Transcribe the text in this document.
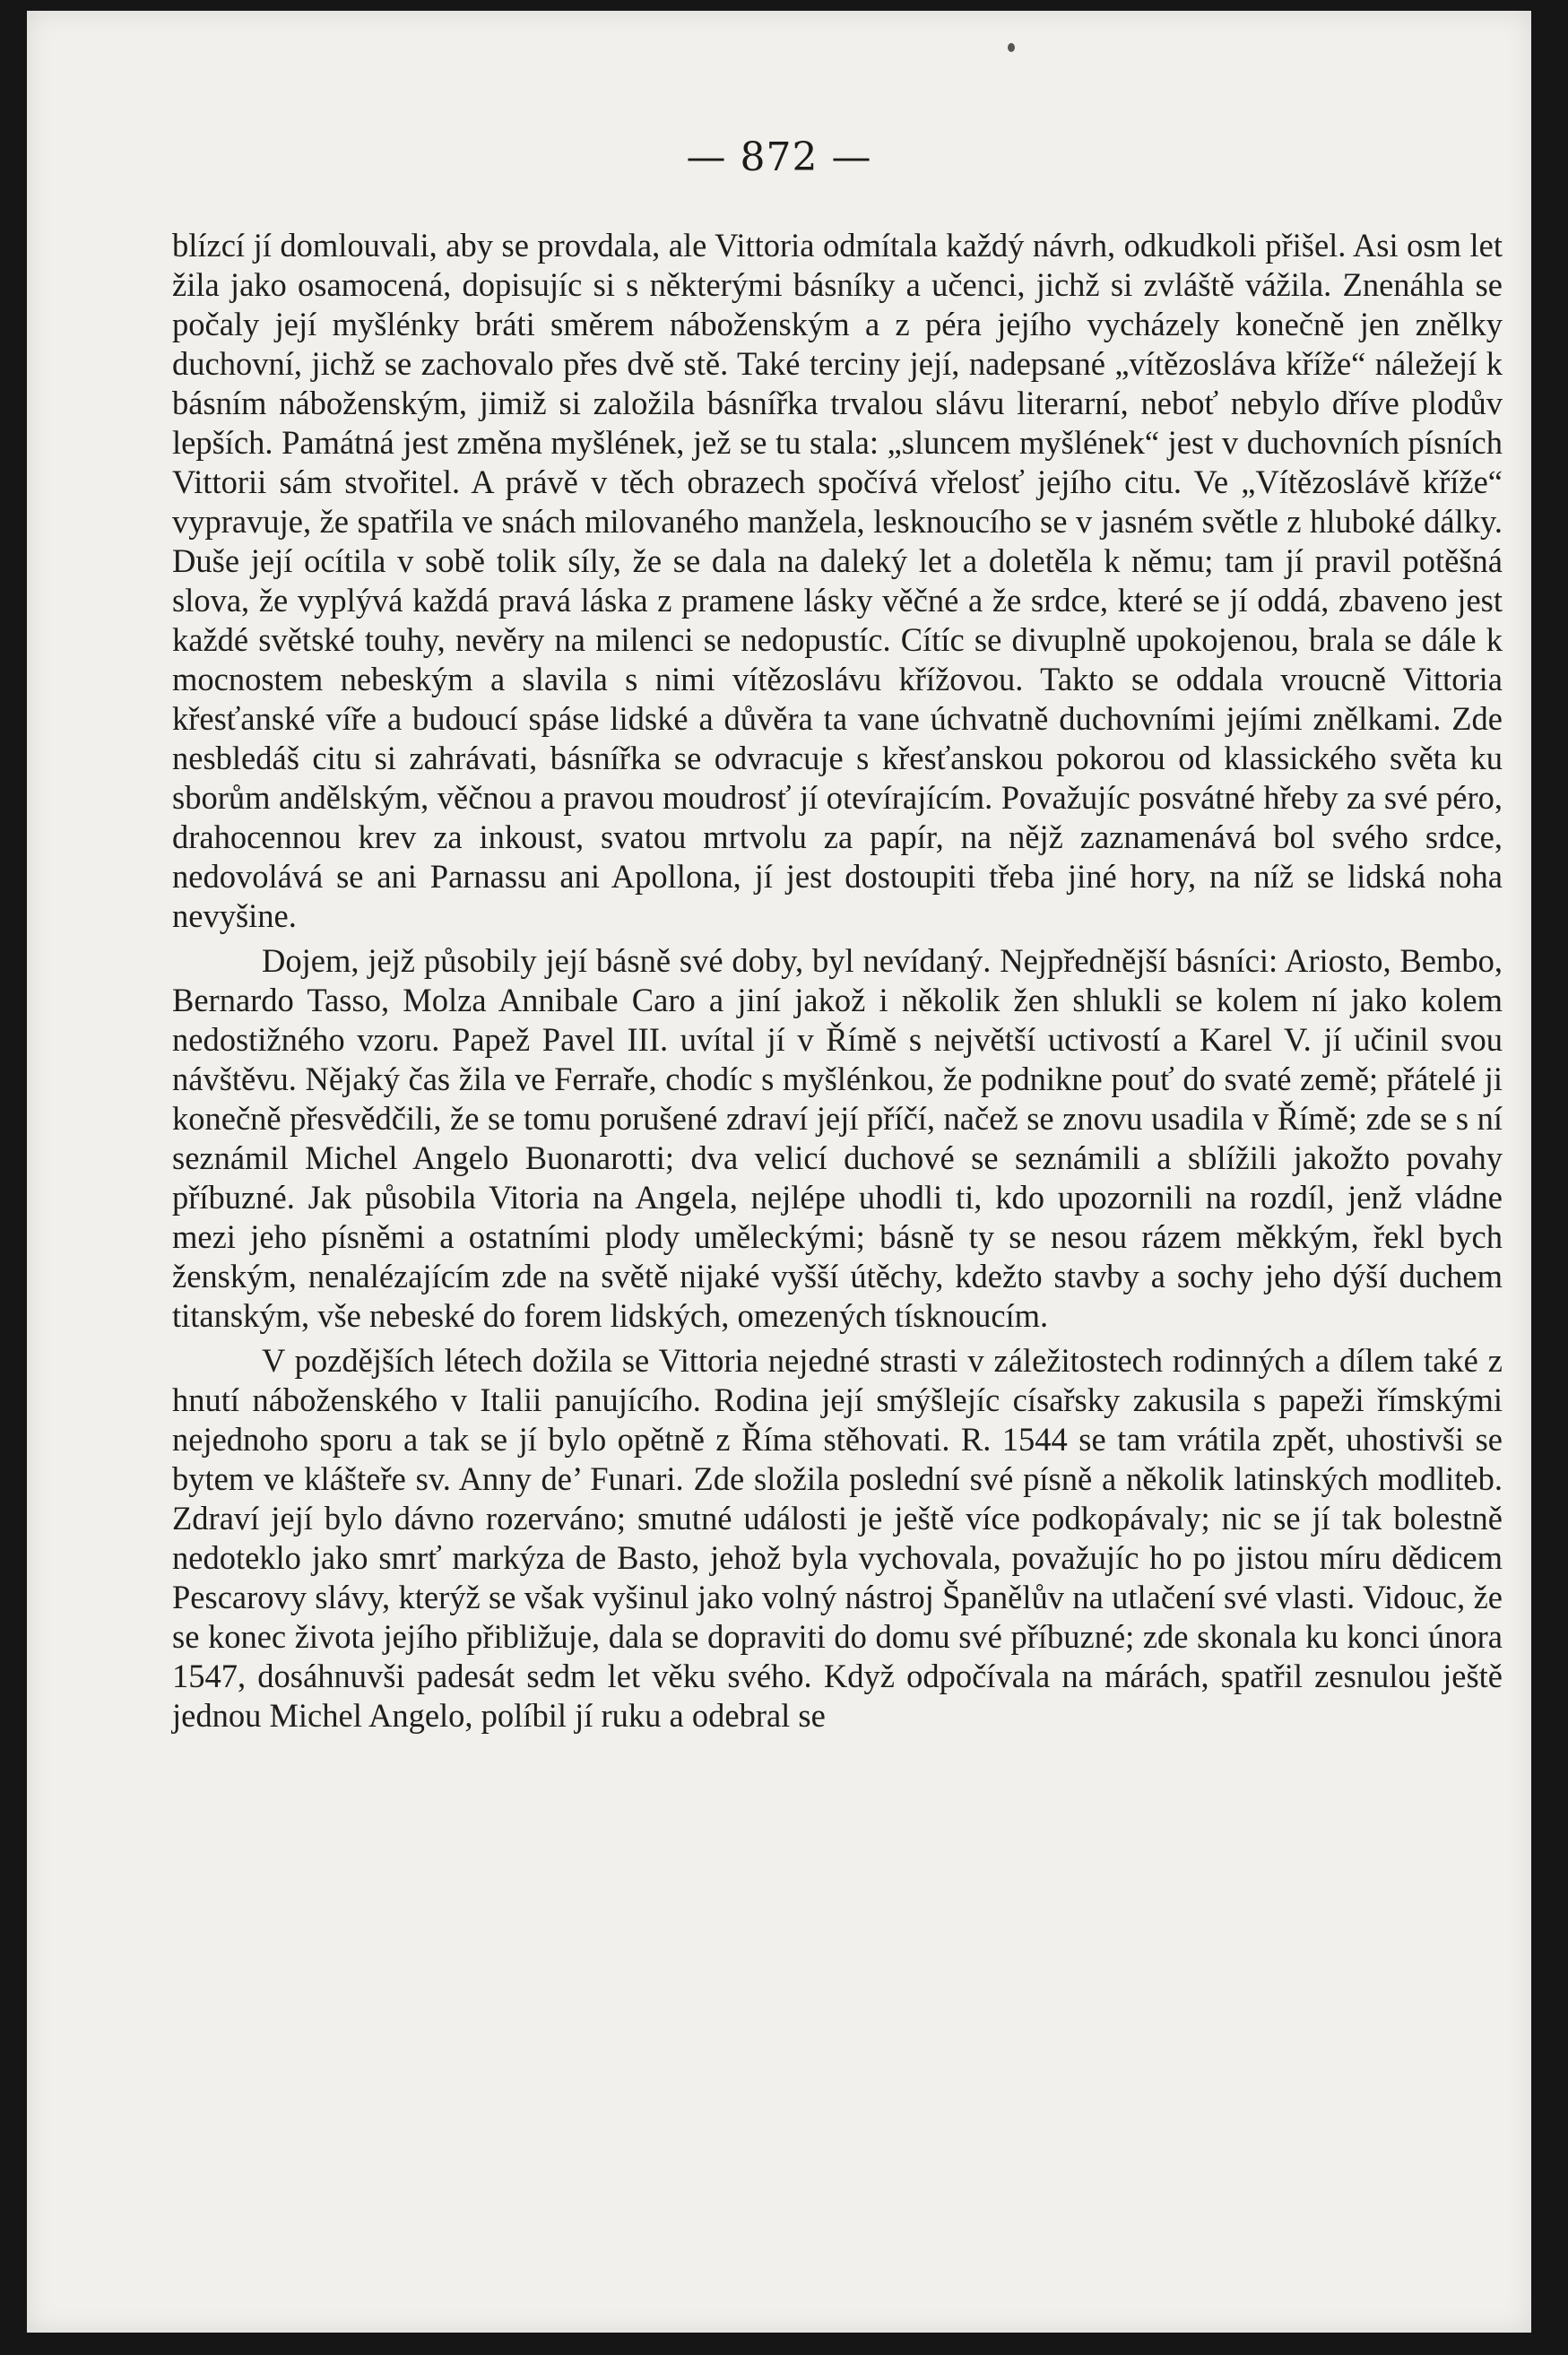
— 872 —

blízcí jí domlouvali, aby se provdala, ale Vittoria odmítala každý návrh, odkudkoli přišel. Asi osm let žila jako osamocená, dopisujíc si s některými básníky a učenci, jichž si zvláště vážila. Znenáhla se počaly její myšlénky bráti směrem náboženským a z péra jejího vycházely konečně jen znělky duchovní, jichž se zachovalo přes dvě stě. Také terciny její, nadepsané „vítězoslávа kříže“ náležejí k básním náboženským, jimiž si založila básnířka trvalou slávu literarní, neboť nebylo dříve plodův lepších. Památná jest změna myšlének, jež se tu stala: „sluncem myšlének“ jest v duchovních písních Vittorii sám stvořitel. A právě v těch obrazech spočívá vřelosť jejího citu. Ve „Vítězoslávě kříže“ vypravuje, že spatřila ve snách milovaného manžela, lesknoucího se v jasném světle z hluboké dálky. Duše její ocítila v sobě tolik síly, že se dala na daleký let a doletěla k němu; tam jí pravil potěšná slova, že vyplývá každá pravá láska z pramene lásky věčné a že srdce, které se jí oddá, zbaveno jest každé světské touhy, nevěry na milenci se nedopustíc. Cítíc se divuplně upokojenou, brala se dále k mocnostem nebeským a slavila s nimi vítězoslávu křížovou. Takto se oddala vroucně Vittoria křesťanské víře a budoucí spáse lidské a důvěra ta vane úchvatně duchovními jejími znělkami. Zde nesbledáš citu si zahrávati, básnířka se odvracuje s křesťanskou pokorou od klassického světa ku sborům andělským, věčnou a pravou moudrosť jí otevírajícím. Považujíc posvátné hřeby za své péro, drahocennou krev za inkoust, svatou mrtvolu za papír, na nějž zaznamenává bol svého srdce, nedovolává se ani Parnassu ani Apollona, jí jest dostoupiti třeba jiné hory, na níž se lidská noha nevyšine.

Dojem, jejž působily její básně své doby, byl nevídaný. Nejpřednější básníci: Ariosto, Bembo, Bernardo Tasso, Molza Annibale Caro a jiní jakož i několik žen shlukli se kolem ní jako kolem nedostižného vzoru. Papež Pavel III. uvítal jí v Římě s největší uctivostí a Karel V. jí učinil svou návštěvu. Nějaký čas žila ve Ferraře, chodíc s myšlénkou, že podnikne pouť do svaté země; přátelé ji konečně přesvědčili, že se tomu porušené zdraví její příčí, načež se znovu usadila v Římě; zde se s ní seznámil Michel Angelo Buonarotti; dva velicí duchové se seznámili a sblížili jakožto povahy příbuzné. Jak působila Vitoria na Angela, nejlépe uhodli ti, kdo upozornili na rozdíl, jenž vládne mezi jeho písněmi a ostatními plody uměleckými; básně ty se nesou rázem měkkým, řekl bych ženským, nenalézajícím zde na světě nijaké vyšší útěchy, kdežto stavby a sochy jeho dýší duchem titanským, vše nebeské do forem lidských, omezených tísknoucím.

V pozdějších létech dožila se Vittoria nejedné strasti v záležitostech rodinných a dílem také z hnutí náboženského v Italii panujícího. Rodina její smýšlejíc císařsky zakusila s papeži římskými nejednoho sporu a tak se jí bylo opětně z Říma stěhovati. R. 1544 se tam vrátila zpět, uhostivši se bytem ve klášteře sv. Anny de’ Funari. Zde složila poslední své písně a několik latinských modliteb. Zdraví její bylo dávno rozerváno; smutné události je ještě více podkopávaly; nic se jí tak bolestně nedoteklo jako smrť markýza de Basto, jehož byla vychovala, považujíc ho po jistou míru dědicem Pescarovy slávy, kterýž se však vyšinul jako volný nástroj Španělův na utlačení své vlasti. Vidouc, že se konec života jejího přibližuje, dala se dopraviti do domu své příbuzné; zde skonala ku konci února 1547, dosáhnuvši padesát sedm let věku svého. Když odpočívala na márách, spatřil zesnulou ještě jednou Michel Angelo, políbil jí ruku a odebral se
